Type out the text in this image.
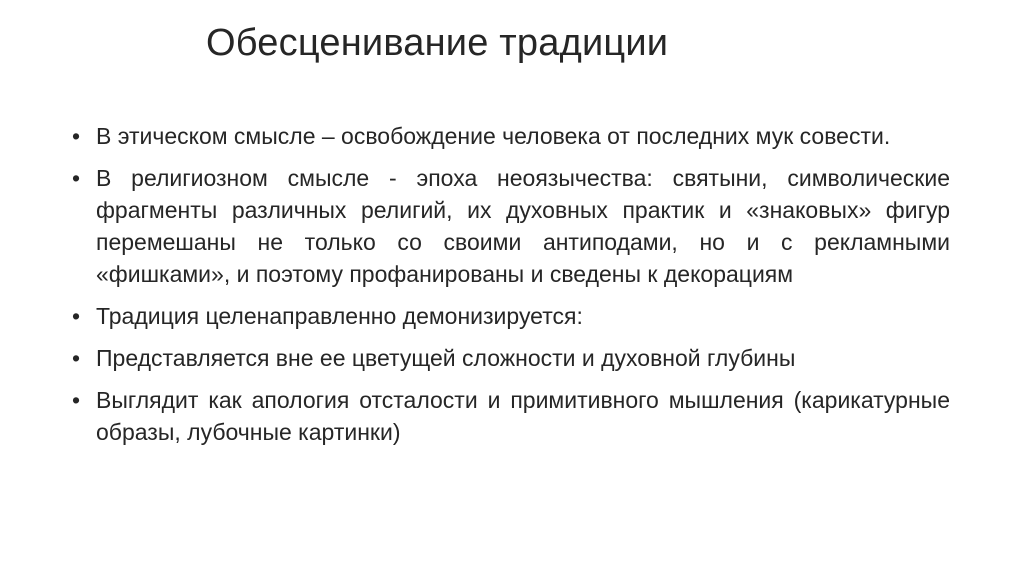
Обесценивание традиции
• В этическом смысле – освобождение человека от последних мук совести.
• В религиозном смысле - эпоха неоязычества: святыни, символические фрагменты различных религий, их духовных практик и «знаковых» фигур перемешаны не только со своими антиподами, но и с рекламными «фишками», и поэтому профанированы и сведены к декорациям
• Традиция целенаправленно демонизируется:
• Представляется вне ее цветущей сложности и духовной глубины
• Выглядит как апология отсталости и примитивного мышления (карикатурные образы, лубочные картинки)
